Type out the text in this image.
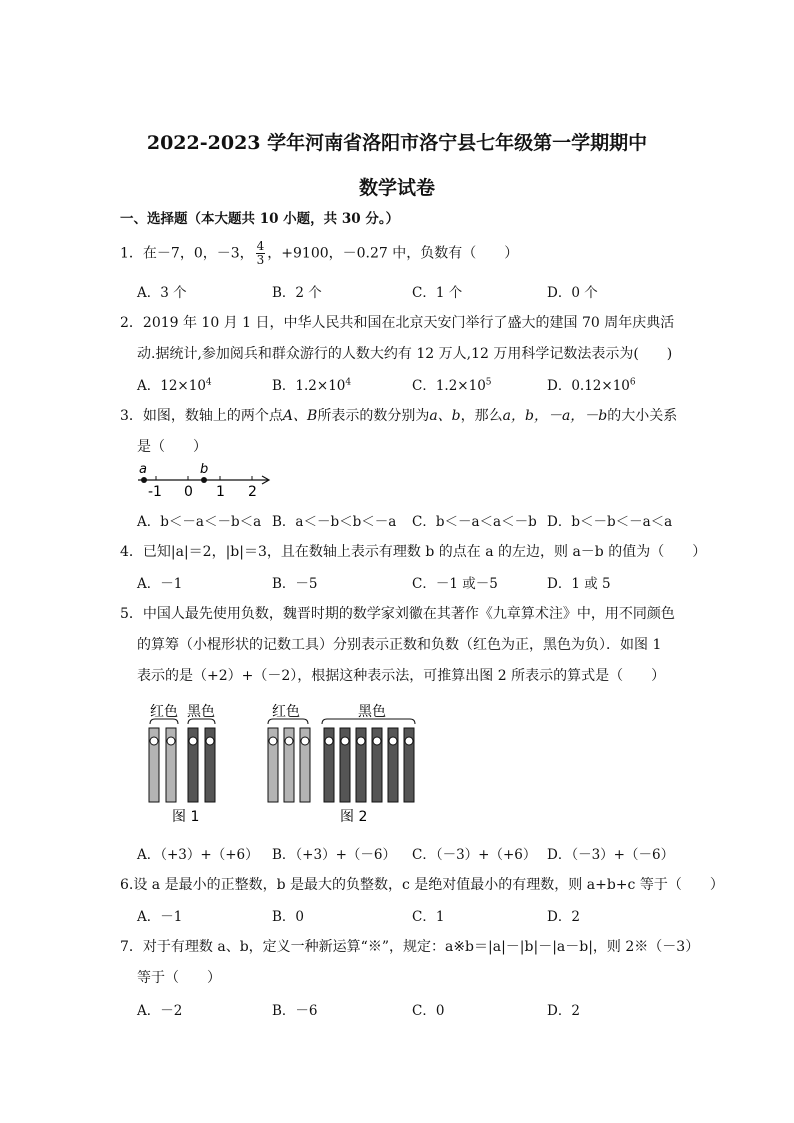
2022-2023 学年河南省洛阳市洛宁县七年级第一学期期中
数学试卷
一、选择题（本大题共 10 小题，共 30 分。）
1．在－7，0，－3， $\frac{4}{3}$ ，+9100，－0.27 中，负数有（　　）
A．3 个	B．2 个	C．1 个	D．0 个
2．2019 年 10 月 1 日，中华人民共和国在北京天安门举行了盛大的建国 70 周年庆典活
动.据统计,参加阅兵和群众游行的人数大约有 12 万人,12 万用科学记数法表示为(　　)
A．$12\times 10^4$	B．$1.2\times 10^4$	C．$1.2\times 10^5$	D．$0.12\times 10^6$
3．如图，数轴上的两个点A、B所表示的数分别为a、b，那么a，b，－a，－b的大小关系
是（　　）
a	b
-1 0 1 2
A．b＜－a＜－b＜a B．a＜－b＜b＜－a C．b＜－a＜a＜－b D．b＜－b＜－a＜a
4．已知|a|＝2，|b|＝3，且在数轴上表示有理数 b 的点在 a 的左边，则 a－b 的值为（　　）
A．－1	B．－5	C．－1 或－5	D．1 或 5
5．中国人最先使用负数，魏晋时期的数学家刘徽在其著作《九章算术注》中，用不同颜色
的算筹（小棍形状的记数工具）分别表示正数和负数（红色为正，黑色为负）．如图 1
表示的是（+2）+（－2），根据这种表示法，可推算出图 2 所表示的算式是（　　）
红色 黑色
图 1
红色	黑色
图 2
A．（+3）+（+6） B．（+3）+（－6） C．（－3）+（+6） D．（－3）+（－6）
6.设 a 是最小的正整数，b 是最大的负整数，c 是绝对值最小的有理数，则 a+b+c 等于（　　）
A．－1	B．0	C．1	D．2
7．对于有理数 a、b，定义一种新运算“※”，规定：a※b＝|a|－|b|－|a－b|，则 2※（－3）
等于（　　）
A．－2	B．－6	C．0	D．2
